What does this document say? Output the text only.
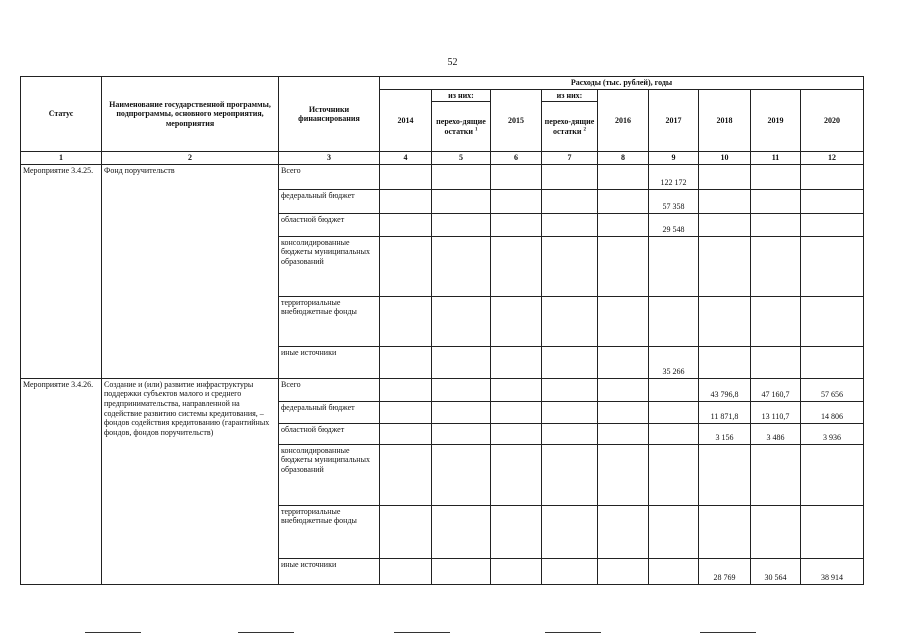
52
Статус	Наименование государственной программы, подпрограммы, основного мероприятия, мероприятия	Источники финансирования	Расходы (тыс. рублей), годы								
			2014	из них:	2015	из них:	2016	2017	2018	2019	2020
				перехо-дящие остатки $^1$		перехо-дящие остатки $^2$
1	2	3	4	5	6	7	8	9	10	11	12
Мероприятие 3.4.25.	Фонд поручительств	Всего						122 172			
		федеральный бюджет						57 358			
		областной бюджет						29 548			
		консолидированные бюджеты муниципальных образований									
		территориальные внебюджетные фонды									
		иные источники						35 266			
Мероприятие 3.4.26.	Создание и (или) развитие инфраструктуры поддержки субъектов малого и среднего предпринимательства, направленной на содействие развитию системы кредитования, – фондов содействия кредитованию (гарантийных фондов, фондов поручительств)	Всего							43 796,8	47 160,7	57 656
		федеральный бюджет							11 871,8	13 110,7	14 806
		областной бюджет							3 156	3 486	3 936
		консолидированные бюджеты муниципальных образований									
		территориальные внебюджетные фонды									
		иные источники							28 769	30 564	38 914
